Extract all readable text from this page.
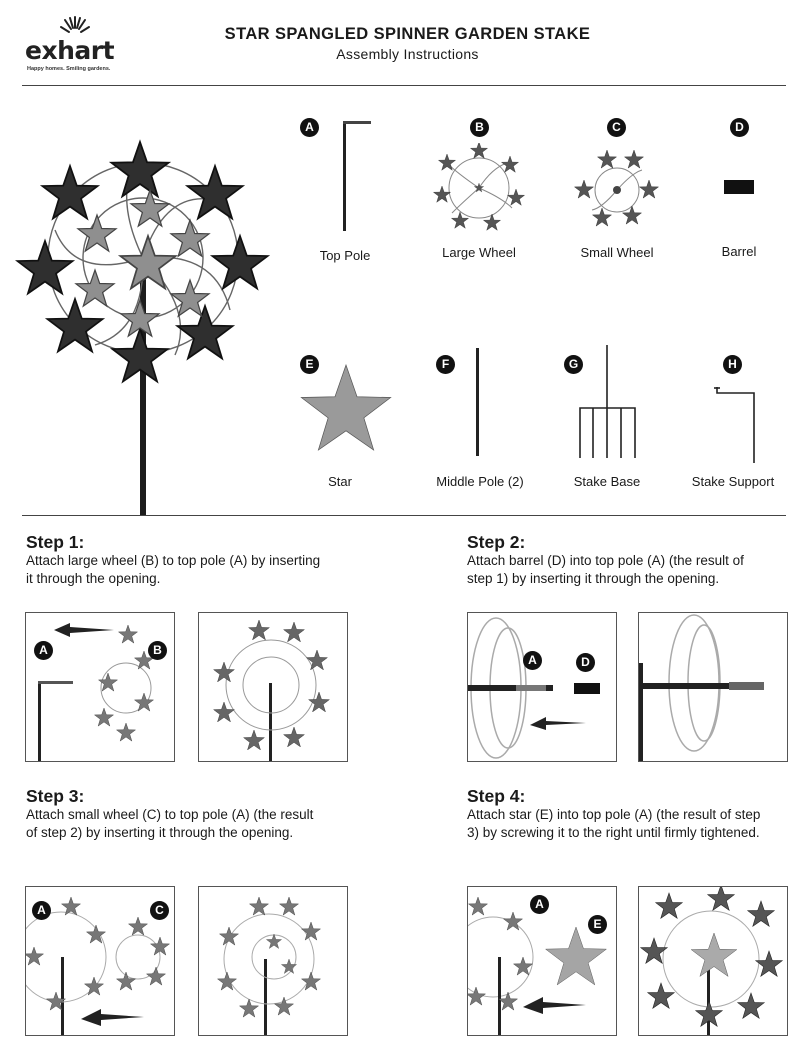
exhart
Happy homes. Smiling gardens.
STAR SPANGLED SPINNER GARDEN STAKE
Assembly Instructions
A
Top Pole
B
Large Wheel
C
Small Wheel
D
Barrel
E
Star
F
Middle Pole (2)
G
Stake Base
H
Stake Support
Step 1:
Attach large wheel (B) to top pole (A) by inserting it through the opening.
A	B
Step 2:
Attach barrel (D) into top pole (A) (the result of step 1) by inserting it through the opening.
A	D
Step 3:
Attach small wheel (C) to top pole (A) (the result of step 2) by inserting it through the opening.
A	C
Step 4:
Attach star (E) into top pole (A) (the result of step 3) by screwing it to the right until firmly tightened.
A
E
